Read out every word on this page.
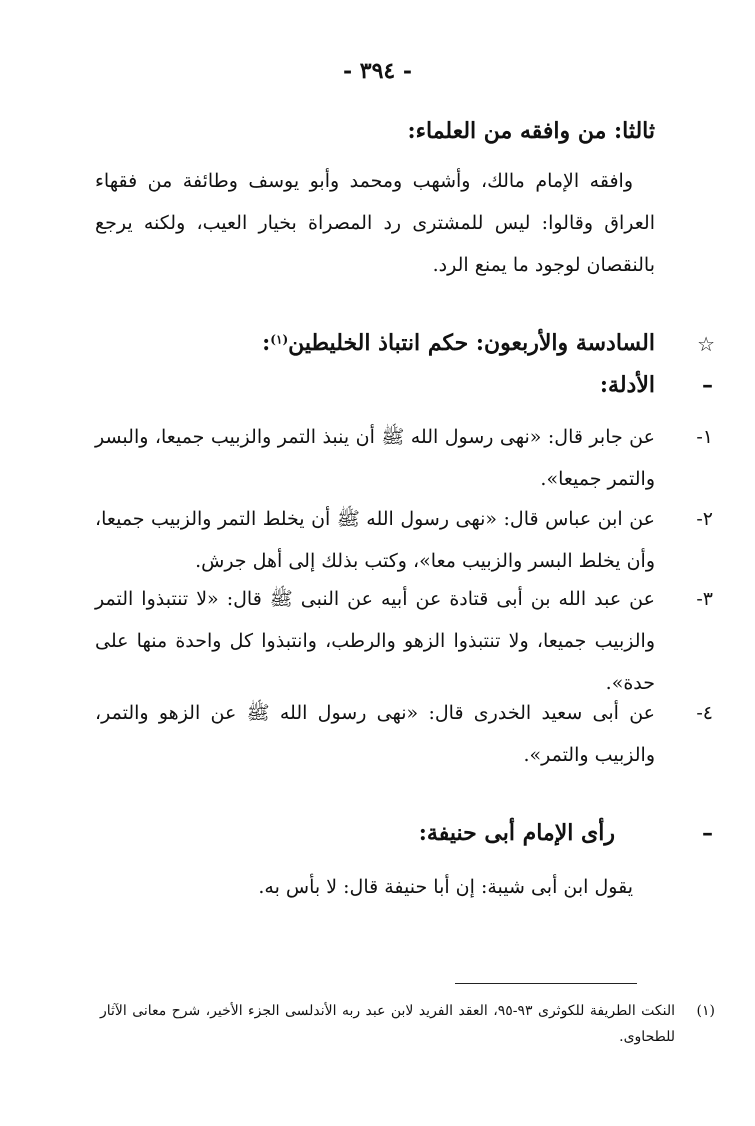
- ٣٩٤ -
ثالثا: من وافقه من العلماء:
وافقه الإمام مالك، وأشهب ومحمد وأبو يوسف وطائفة من فقهاء العراق وقالوا: ليس للمشترى رد المصراة بخيار العيب، ولكنه يرجع بالنقصان لوجود ما يمنع الرد.
☆
السادسة والأربعون: حكم انتباذ الخليطين$^{(١)}$:
–
الأدلة:
١-
عن جابر قال: «نهى رسول الله ﷺ أن ينبذ التمر والزبيب جميعا، والبسر والتمر جميعا».
٢-
عن ابن عباس قال: «نهى رسول الله ﷺ أن يخلط التمر والزبيب جميعا، وأن يخلط البسر والزبيب معا»، وكتب بذلك إلى أهل جرش.
٣-
عن عبد الله بن أبى قتادة عن أبيه عن النبى ﷺ قال: «لا تنتبذوا التمر والزبيب جميعا، ولا تنتبذوا الزهو والرطب، وانتبذوا كل واحدة منها على حدة».
٤-
عن أبى سعيد الخدرى قال: «نهى رسول الله ﷺ عن الزهو والتمر، والزبيب والتمر».
–
رأى الإمام أبى حنيفة:
يقول ابن أبى شيبة: إن أبا حنيفة قال: لا بأس به.
(١)
النكت الطريفة للكوثرى ٩٣-٩٥، العقد الفريد لابن عبد ربه الأندلسى الجزء الأخير، شرح معانى الآثار للطحاوى.
